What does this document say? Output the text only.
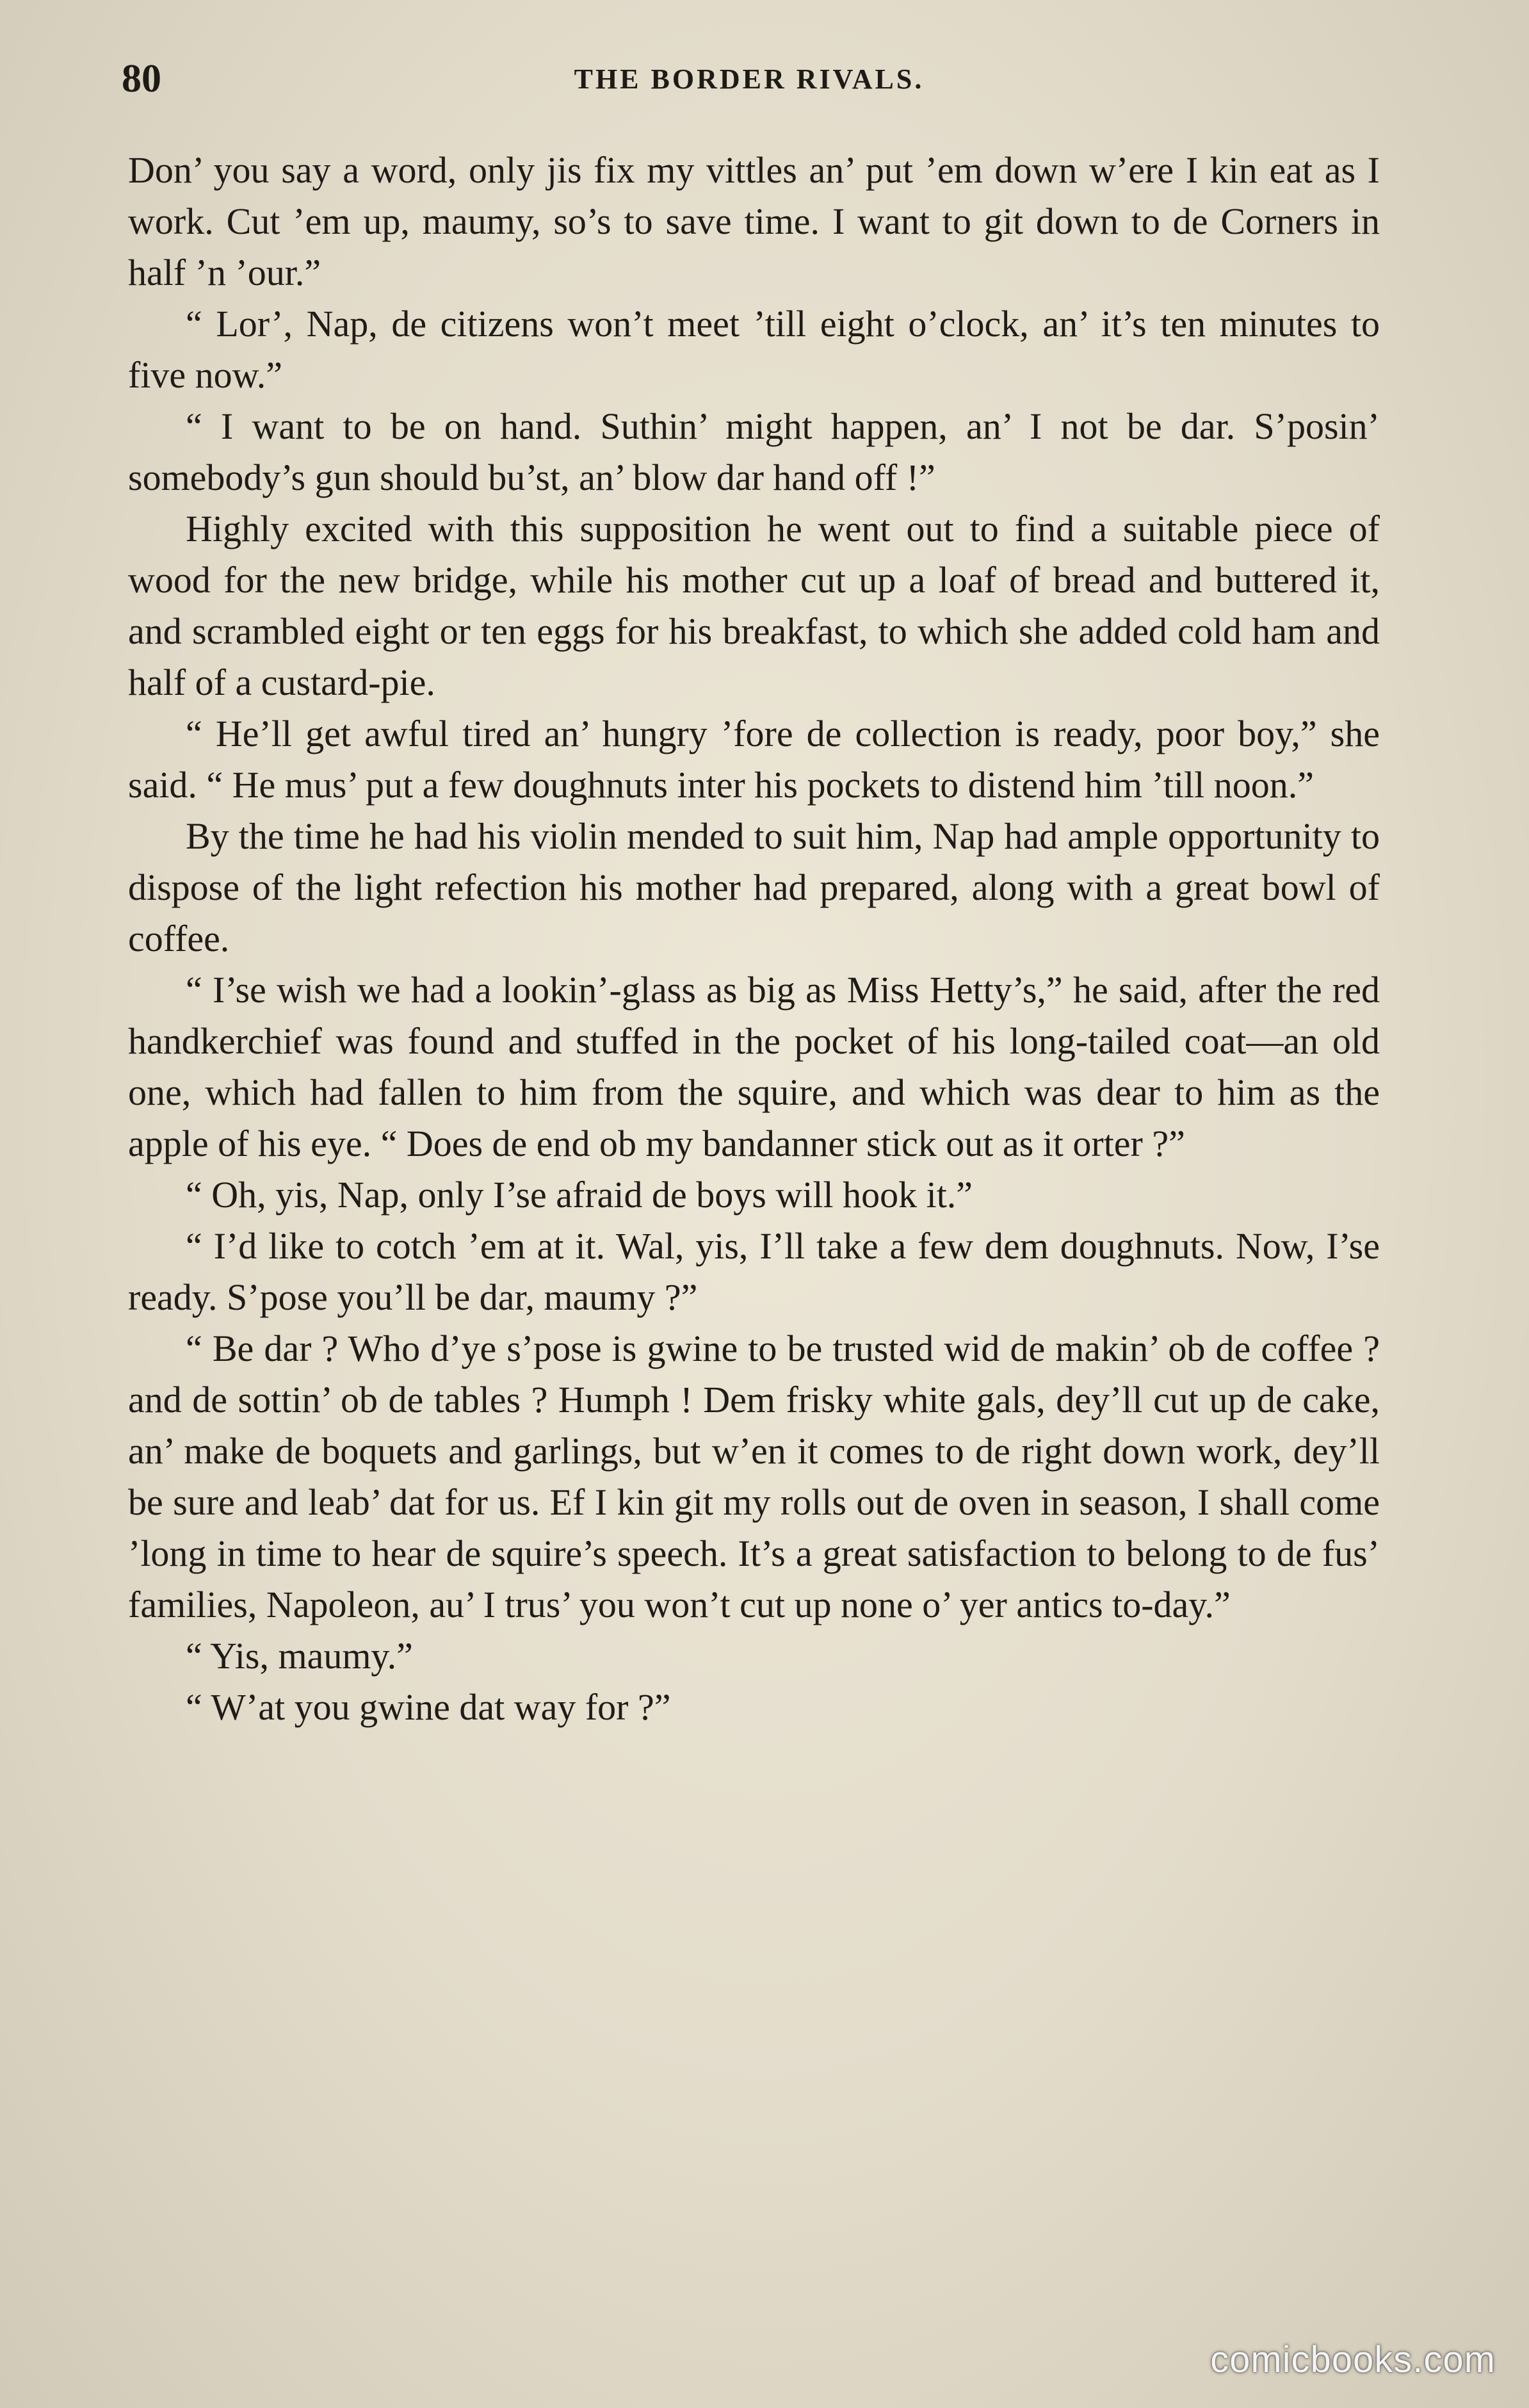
80	THE BORDER RIVALS.

Don’ you say a word, only jis fix my vittles an’ put ’em down w’ere I kin eat as I work. Cut ’em up, maumy, so’s to save time. I want to git down to de Corners in half ’n ’our.”

“ Lor’, Nap, de citizens won’t meet ’till eight o’clock, an’ it’s ten minutes to five now.”

“ I want to be on hand. Suthin’ might happen, an’ I not be dar. S’posin’ somebody’s gun should bu’st, an’ blow dar hand off !”

Highly excited with this supposition he went out to find a suitable piece of wood for the new bridge, while his mother cut up a loaf of bread and buttered it, and scrambled eight or ten eggs for his breakfast, to which she added cold ham and half of a custard-pie.

“ He’ll get awful tired an’ hungry ’fore de collection is ready, poor boy,” she said. “ He mus’ put a few doughnuts inter his pockets to distend him ’till noon.”

By the time he had his violin mended to suit him, Nap had ample opportunity to dispose of the light refection his mother had prepared, along with a great bowl of coffee.

“ I’se wish we had a lookin’-glass as big as Miss Hetty’s,” he said, after the red handkerchief was found and stuffed in the pocket of his long-tailed coat—an old one, which had fallen to him from the squire, and which was dear to him as the apple of his eye. “ Does de end ob my bandanner stick out as it orter ?”

“ Oh, yis, Nap, only I’se afraid de boys will hook it.”

“ I’d like to cotch ’em at it. Wal, yis, I’ll take a few dem doughnuts. Now, I’se ready. S’pose you’ll be dar, maumy ?”

“ Be dar ? Who d’ye s’pose is gwine to be trusted wid de makin’ ob de coffee ? and de sottin’ ob de tables ? Humph ! Dem frisky white gals, dey’ll cut up de cake, an’ make de boquets and garlings, but w’en it comes to de right down work, dey’ll be sure and leab’ dat for us. Ef I kin git my rolls out de oven in season, I shall come ’long in time to hear de squire’s speech. It’s a great satisfaction to belong to de fus’ families, Napoleon, au’ I trus’ you won’t cut up none o’ yer antics to-day.”

“ Yis, maumy.”

“ W’at you gwine dat way for ?”

comicbooks.com
